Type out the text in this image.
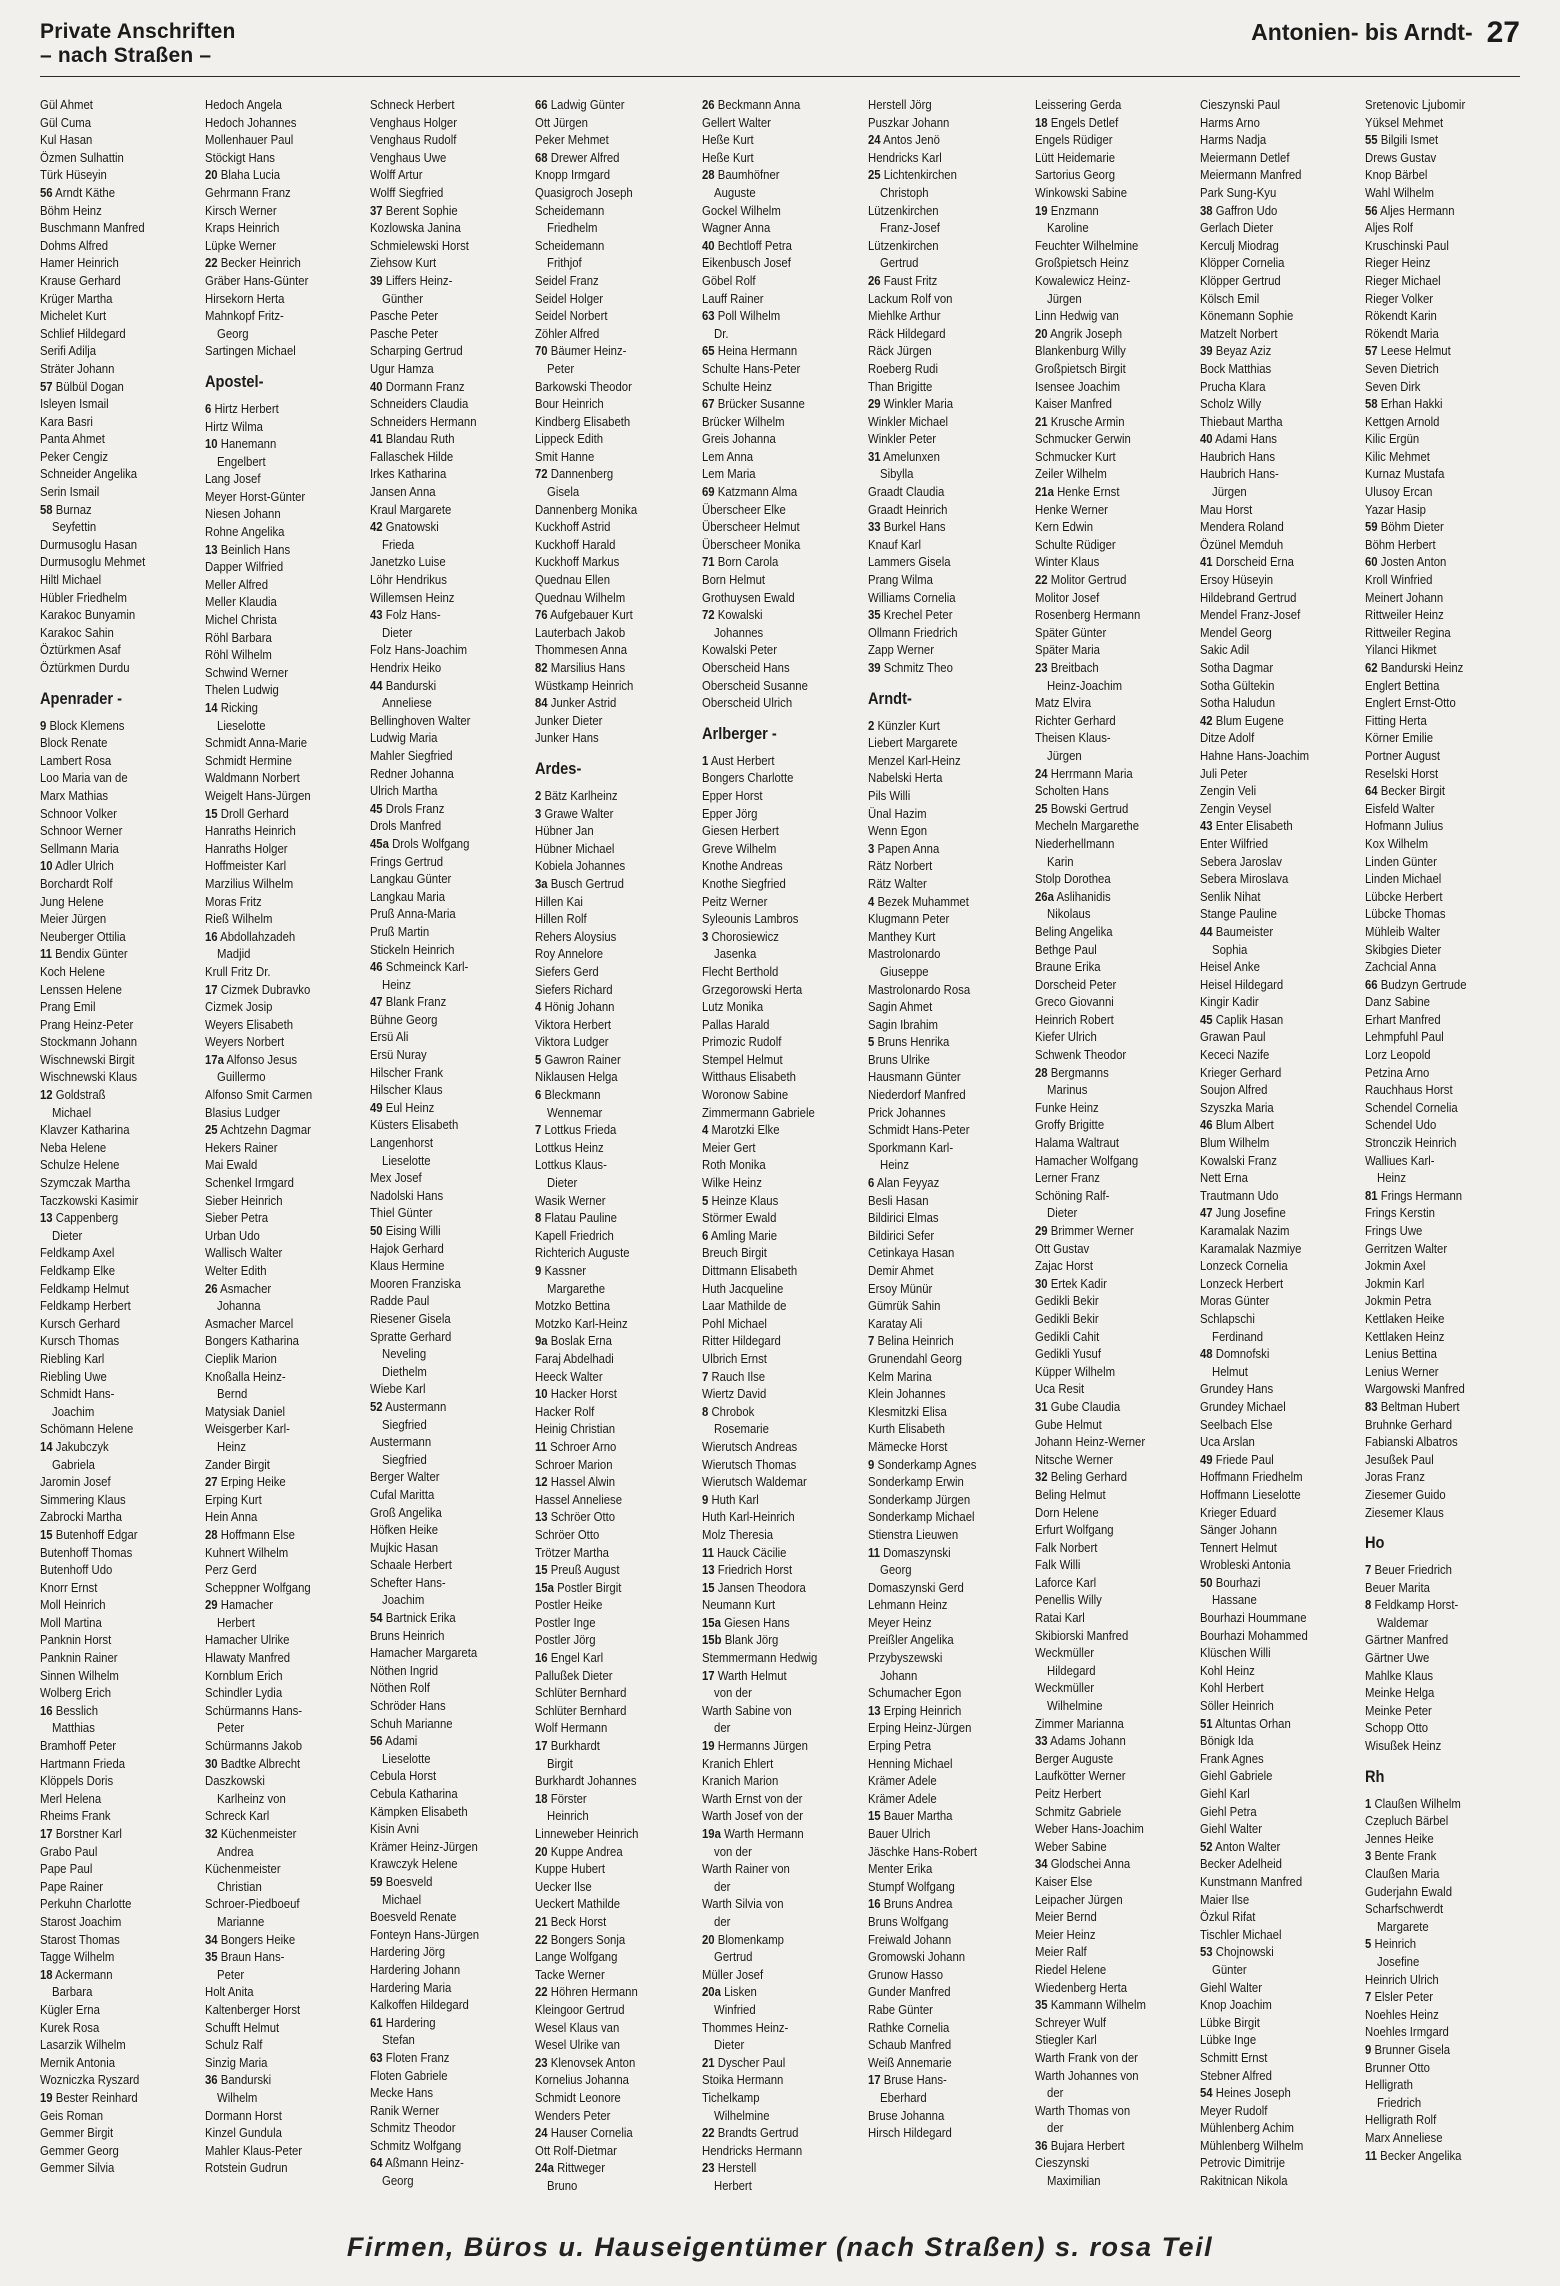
Private Anschriften
– nach Straßen –
Antonien- bis Arndt- 27
Gül Ahmet
Gül Cuma
Kul Hasan
Özmen Sulhattin
Türk Hüseyin
56 Arndt Käthe
Böhm Heinz
Buschmann Manfred
Dohms Alfred
Hamer Heinrich
Krause Gerhard
Krüger Martha
Michelet Kurt
Schlief Hildegard
Serifi Adilja
Sträter Johann
57 Bülbül Dogan
Isleyen Ismail
Kara Basri
Panta Ahmet
Peker Cengiz
Schneider Angelika
Serin Ismail
58 Burnaz
Seyfettin
Durmusoglu Hasan
Durmusoglu Mehmet
Hiltl Michael
Hübler Friedhelm
Karakoc Bunyamin
Karakoc Sahin
Öztürkmen Asaf
Öztürkmen Durdu
Apenrader -
9 Block Klemens
Block Renate
Lambert Rosa
Loo Maria van de
Marx Mathias
Schnoor Volker
Schnoor Werner
Sellmann Maria
10 Adler Ulrich
Borchardt Rolf
Jung Helene
Meier Jürgen
Neuberger Ottilia
11 Bendix Günter
Koch Helene
Lenssen Helene
Prang Emil
Prang Heinz-Peter
Stockmann Johann
Wischnewski Birgit
Wischnewski Klaus
12 Goldstraß
Michael
Klavzer Katharina
Neba Helene
Schulze Helene
Szymczak Martha
Taczkowski Kasimir
13 Cappenberg
Dieter
Feldkamp Axel
Feldkamp Elke
Feldkamp Helmut
Feldkamp Herbert
Kursch Gerhard
Kursch Thomas
Riebling Karl
Riebling Uwe
Schmidt Hans-
Joachim
Schömann Helene
14 Jakubczyk
Gabriela
Jaromin Josef
Simmering Klaus
Zabrocki Martha
15 Butenhoff Edgar
Butenhoff Thomas
Butenhoff Udo
Knorr Ernst
Moll Heinrich
Moll Martina
Panknin Horst
Panknin Rainer
Sinnen Wilhelm
Wolberg Erich
16 Besslich
Matthias
Bramhoff Peter
Hartmann Frieda
Klöppels Doris
Merl Helena
Rheims Frank
17 Borstner Karl
Grabo Paul
Pape Paul
Pape Rainer
Perkuhn Charlotte
Starost Joachim
Starost Thomas
Tagge Wilhelm
18 Ackermann
Barbara
Kügler Erna
Kurek Rosa
Lasarzik Wilhelm
Mernik Antonia
Wozniczka Ryszard
19 Bester Reinhard
Geis Roman
Gemmer Birgit
Gemmer Georg
Gemmer Silvia
Hedoch Angela
Hedoch Johannes
Mollenhauer Paul
Stöckigt Hans
20 Blaha Lucia
Gehrmann Franz
Kirsch Werner
Kraps Heinrich
Lüpke Werner
22 Becker Heinrich
Gräber Hans-Günter
Hirsekorn Herta
Mahnkopf Fritz-
Georg
Sartingen Michael
Apostel-
6 Hirtz Herbert
Hirtz Wilma
10 Hanemann
Engelbert
Lang Josef
Meyer Horst-Günter
Niesen Johann
Rohne Angelika
13 Beinlich Hans
Dapper Wilfried
Meller Alfred
Meller Klaudia
Michel Christa
Röhl Barbara
Röhl Wilhelm
Schwind Werner
Thelen Ludwig
14 Ricking
Lieselotte
Schmidt Anna-Marie
Schmidt Hermine
Waldmann Norbert
Weigelt Hans-Jürgen
15 Droll Gerhard
Hanraths Heinrich
Hanraths Holger
Hoffmeister Karl
Marzilius Wilhelm
Moras Fritz
Rieß Wilhelm
16 Abdollahzadeh
Madjid
Krull Fritz Dr.
17 Cizmek Dubravko
Cizmek Josip
Weyers Elisabeth
Weyers Norbert
17a Alfonso Jesus
Guillermo
Alfonso Smit Carmen
Blasius Ludger
25 Achtzehn Dagmar
Hekers Rainer
Mai Ewald
Schenkel Irmgard
Sieber Heinrich
Sieber Petra
Urban Udo
Wallisch Walter
Welter Edith
26 Asmacher
Johanna
Asmacher Marcel
Bongers Katharina
Cieplik Marion
Knoßalla Heinz-
Bernd
Matysiak Daniel
Weisgerber Karl-
Heinz
Zander Birgit
27 Erping Heike
Erping Kurt
Hein Anna
28 Hoffmann Else
Kuhnert Wilhelm
Perz Gerd
Scheppner Wolfgang
29 Hamacher
Herbert
Hamacher Ulrike
Hlawaty Manfred
Kornblum Erich
Schindler Lydia
Schürmanns Hans-
Peter
Schürmanns Jakob
30 Badtke Albrecht
Daszkowski
Karlheinz von
Schreck Karl
32 Küchenmeister
Andrea
Küchenmeister
Christian
Schroer-Piedboeuf
Marianne
34 Bongers Heike
35 Braun Hans-
Peter
Holt Anita
Kaltenberger Horst
Schufft Helmut
Schulz Ralf
Sinzig Maria
36 Bandurski
Wilhelm
Dormann Horst
Kinzel Gundula
Mahler Klaus-Peter
Rotstein Gudrun
Schneck Herbert
Venghaus Holger
Venghaus Rudolf
Venghaus Uwe
Wolff Artur
Wolff Siegfried
37 Berent Sophie
Kozlowska Janina
Schmielewski Horst
Ziehsow Kurt
39 Liffers Heinz-
Günther
Pasche Peter
Pasche Peter
Scharping Gertrud
Ugur Hamza
40 Dormann Franz
Schneiders Claudia
Schneiders Hermann
41 Blandau Ruth
Fallaschek Hilde
Irkes Katharina
Jansen Anna
Kraul Margarete
42 Gnatowski
Frieda
Janetzko Luise
Löhr Hendrikus
Willemsen Heinz
43 Folz Hans-
Dieter
Folz Hans-Joachim
Hendrix Heiko
44 Bandurski
Anneliese
Bellinghoven Walter
Ludwig Maria
Mahler Siegfried
Redner Johanna
Ulrich Martha
45 Drols Franz
Drols Manfred
45a Drols Wolfgang
Frings Gertrud
Langkau Günter
Langkau Maria
Pruß Anna-Maria
Pruß Martin
Stickeln Heinrich
46 Schmeinck Karl-
Heinz
47 Blank Franz
Bühne Georg
Ersü Ali
Ersü Nuray
Hilscher Frank
Hilscher Klaus
49 Eul Heinz
Küsters Elisabeth
Langenhorst
Lieselotte
Mex Josef
Nadolski Hans
Thiel Günter
50 Eising Willi
Hajok Gerhard
Klaus Hermine
Mooren Franziska
Radde Paul
Riesener Gisela
Spratte Gerhard
Neveling
Diethelm
Wiebe Karl
52 Austermann
Siegfried
Austermann
Siegfried
Berger Walter
Cufal Maritta
Groß Angelika
Höfken Heike
Mujkic Hasan
Schaale Herbert
Schefter Hans-
Joachim
54 Bartnick Erika
Bruns Heinrich
Hamacher Margareta
Nöthen Ingrid
Nöthen Rolf
Schröder Hans
Schuh Marianne
56 Adami
Lieselotte
Cebula Horst
Cebula Katharina
Kämpken Elisabeth
Kisin Avni
Krämer Heinz-Jürgen
Krawczyk Helene
59 Boesveld
Michael
Boesveld Renate
Fonteyn Hans-Jürgen
Hardering Jörg
Hardering Johann
Hardering Maria
Kalkoffen Hildegard
61 Hardering
Stefan
63 Floten Franz
Floten Gabriele
Mecke Hans
Ranik Werner
Schmitz Theodor
Schmitz Wolfgang
64 Aßmann Heinz-
Georg
66 Ladwig Günter
Ott Jürgen
Peker Mehmet
68 Drewer Alfred
Knopp Irmgard
Quasigroch Joseph
Scheidemann
Friedhelm
Scheidemann
Frithjof
Seidel Franz
Seidel Holger
Seidel Norbert
Zöhler Alfred
70 Bäumer Heinz-
Peter
Barkowski Theodor
Bour Heinrich
Kindberg Elisabeth
Lippeck Edith
Smit Hanne
72 Dannenberg
Gisela
Dannenberg Monika
Kuckhoff Astrid
Kuckhoff Harald
Kuckhoff Markus
Quednau Ellen
Quednau Wilhelm
76 Aufgebauer Kurt
Lauterbach Jakob
Thommesen Anna
82 Marsilius Hans
Wüstkamp Heinrich
84 Junker Astrid
Junker Dieter
Junker Hans
Ardes-
2 Bätz Karlheinz
3 Grawe Walter
Hübner Jan
Hübner Michael
Kobiela Johannes
3a Busch Gertrud
Hillen Kai
Hillen Rolf
Rehers Aloysius
Roy Annelore
Siefers Gerd
Siefers Richard
4 Hönig Johann
Viktora Herbert
Viktora Ludger
5 Gawron Rainer
Niklausen Helga
6 Bleckmann
Wennemar
7 Lottkus Frieda
Lottkus Heinz
Lottkus Klaus-
Dieter
Wasik Werner
8 Flatau Pauline
Kapell Friedrich
Richterich Auguste
9 Kassner
Margarethe
Motzko Bettina
Motzko Karl-Heinz
9a Boslak Erna
Faraj Abdelhadi
Heeck Walter
10 Hacker Horst
Hacker Rolf
Heinig Christian
11 Schroer Arno
Schroer Marion
12 Hassel Alwin
Hassel Anneliese
13 Schröer Otto
Schröer Otto
Trötzer Martha
15 Preuß August
15a Postler Birgit
Postler Heike
Postler Inge
Postler Jörg
16 Engel Karl
Pallußek Dieter
Schlüter Bernhard
Schlüter Bernhard
Wolf Hermann
17 Burkhardt
Birgit
Burkhardt Johannes
18 Förster
Heinrich
Linneweber Heinrich
20 Kuppe Andrea
Kuppe Hubert
Uecker Ilse
Ueckert Mathilde
21 Beck Horst
22 Bongers Sonja
Lange Wolfgang
Tacke Werner
22 Höhren Hermann
Kleingoor Gertrud
Wesel Klaus van
Wesel Ulrike van
23 Klenovsek Anton
Kornelius Johanna
Schmidt Leonore
Wenders Peter
24 Hauser Cornelia
Ott Rolf-Dietmar
24a Rittweger
Bruno
26 Beckmann Anna
Gellert Walter
Heße Kurt
Heße Kurt
28 Baumhöfner
Auguste
Gockel Wilhelm
Wagner Anna
40 Bechtloff Petra
Eikenbusch Josef
Göbel Rolf
Lauff Rainer
63 Poll Wilhelm
Dr.
65 Heina Hermann
Schulte Hans-Peter
Schulte Heinz
67 Brücker Susanne
Brücker Wilhelm
Greis Johanna
Lem Anna
Lem Maria
69 Katzmann Alma
Überscheer Elke
Überscheer Helmut
Überscheer Monika
71 Born Carola
Born Helmut
Grothuysen Ewald
72 Kowalski
Johannes
Kowalski Peter
Oberscheid Hans
Oberscheid Susanne
Oberscheid Ulrich
Arlberger -
1 Aust Herbert
Bongers Charlotte
Epper Horst
Epper Jörg
Giesen Herbert
Greve Wilhelm
Knothe Andreas
Knothe Siegfried
Peitz Werner
Syleounis Lambros
3 Chorosiewicz
Jasenka
Flecht Berthold
Grzegorowski Herta
Lutz Monika
Pallas Harald
Primozic Rudolf
Stempel Helmut
Witthaus Elisabeth
Woronow Sabine
Zimmermann Gabriele
4 Marotzki Elke
Meier Gert
Roth Monika
Wilke Heinz
5 Heinze Klaus
Störmer Ewald
6 Amling Marie
Breuch Birgit
Dittmann Elisabeth
Huth Jacqueline
Laar Mathilde de
Pohl Michael
Ritter Hildegard
Ulbrich Ernst
7 Rauch Ilse
Wiertz David
8 Chrobok
Rosemarie
Wierutsch Andreas
Wierutsch Thomas
Wierutsch Waldemar
9 Huth Karl
Huth Karl-Heinrich
Molz Theresia
11 Hauck Cäcilie
13 Friedrich Horst
15 Jansen Theodora
Neumann Kurt
15a Giesen Hans
15b Blank Jörg
Stemmermann Hedwig
17 Warth Helmut
von der
Warth Sabine von
der
19 Hermanns Jürgen
Kranich Ehlert
Kranich Marion
Warth Ernst von der
Warth Josef von der
19a Warth Hermann
von der
Warth Rainer von
der
Warth Silvia von
der
20 Blomenkamp
Gertrud
Müller Josef
20a Lisken
Winfried
Thommes Heinz-
Dieter
21 Dyscher Paul
Stoika Hermann
Tichelkamp
Wilhelmine
22 Brandts Gertrud
Hendricks Hermann
23 Herstell
Herbert
Herstell Jörg
Puszkar Johann
24 Antos Jenö
Hendricks Karl
25 Lichtenkirchen
Christoph
Lützenkirchen
Franz-Josef
Lützenkirchen
Gertrud
26 Faust Fritz
Lackum Rolf von
Miehlke Arthur
Räck Hildegard
Räck Jürgen
Roeberg Rudi
Than Brigitte
29 Winkler Maria
Winkler Michael
Winkler Peter
31 Amelunxen
Sibylla
Graadt Claudia
Graadt Heinrich
33 Burkel Hans
Knauf Karl
Lammers Gisela
Prang Wilma
Williams Cornelia
35 Krechel Peter
Ollmann Friedrich
Zapp Werner
39 Schmitz Theo
Arndt-
2 Künzler Kurt
Liebert Margarete
Menzel Karl-Heinz
Nabelski Herta
Pils Willi
Ünal Hazim
Wenn Egon
3 Papen Anna
Rätz Norbert
Rätz Walter
4 Bezek Muhammet
Klugmann Peter
Manthey Kurt
Mastrolonardo
Giuseppe
Mastrolonardo Rosa
Sagin Ahmet
Sagin Ibrahim
5 Bruns Henrika
Bruns Ulrike
Hausmann Günter
Niederdorf Manfred
Prick Johannes
Schmidt Hans-Peter
Sporkmann Karl-
Heinz
6 Alan Feyyaz
Besli Hasan
Bildirici Elmas
Bildirici Sefer
Cetinkaya Hasan
Demir Ahmet
Ersoy Münür
Gümrük Sahin
Karatay Ali
7 Belina Heinrich
Grunendahl Georg
Kelm Marina
Klein Johannes
Klesmitzki Elisa
Kurth Elisabeth
Mämecke Horst
9 Sonderkamp Agnes
Sonderkamp Erwin
Sonderkamp Jürgen
Sonderkamp Michael
Stienstra Lieuwen
11 Domaszynski
Georg
Domaszynski Gerd
Lehmann Heinz
Meyer Heinz
Preißler Angelika
Przybyszewski
Johann
Schumacher Egon
13 Erping Heinrich
Erping Heinz-Jürgen
Erping Petra
Henning Michael
Krämer Adele
Krämer Adele
15 Bauer Martha
Bauer Ulrich
Jäschke Hans-Robert
Menter Erika
Stumpf Wolfgang
16 Bruns Andrea
Bruns Wolfgang
Freiwald Johann
Gromowski Johann
Grunow Hasso
Gunder Manfred
Rabe Günter
Rathke Cornelia
Schaub Manfred
Weiß Annemarie
17 Bruse Hans-
Eberhard
Bruse Johanna
Hirsch Hildegard
Leissering Gerda
18 Engels Detlef
Engels Rüdiger
Lütt Heidemarie
Sartorius Georg
Winkowski Sabine
19 Enzmann
Karoline
Feuchter Wilhelmine
Großpietsch Heinz
Kowalewicz Heinz-
Jürgen
Linn Hedwig van
20 Angrik Joseph
Blankenburg Willy
Großpietsch Birgit
Isensee Joachim
Kaiser Manfred
21 Krusche Armin
Schmucker Gerwin
Schmucker Kurt
Zeiler Wilhelm
21a Henke Ernst
Henke Werner
Kern Edwin
Schulte Rüdiger
Winter Klaus
22 Molitor Gertrud
Molitor Josef
Rosenberg Hermann
Später Günter
Später Maria
23 Breitbach
Heinz-Joachim
Matz Elvira
Richter Gerhard
Theisen Klaus-
Jürgen
24 Herrmann Maria
Scholten Hans
25 Bowski Gertrud
Mecheln Margarethe
Niederhellmann
Karin
Stolp Dorothea
26a Aslihanidis
Nikolaus
Beling Angelika
Bethge Paul
Braune Erika
Dorscheid Peter
Greco Giovanni
Heinrich Robert
Kiefer Ulrich
Schwenk Theodor
28 Bergmanns
Marinus
Funke Heinz
Groffy Brigitte
Halama Waltraut
Hamacher Wolfgang
Lerner Franz
Schöning Ralf-
Dieter
29 Brimmer Werner
Ott Gustav
Zajac Horst
30 Ertek Kadir
Gedikli Bekir
Gedikli Bekir
Gedikli Cahit
Gedikli Yusuf
Küpper Wilhelm
Uca Resit
31 Gube Claudia
Gube Helmut
Johann Heinz-Werner
Nitsche Werner
32 Beling Gerhard
Beling Helmut
Dorn Helene
Erfurt Wolfgang
Falk Norbert
Falk Willi
Laforce Karl
Penellis Willy
Ratai Karl
Skibiorski Manfred
Weckmüller
Hildegard
Weckmüller
Wilhelmine
Zimmer Marianna
33 Adams Johann
Berger Auguste
Laufkötter Werner
Peitz Herbert
Schmitz Gabriele
Weber Hans-Joachim
Weber Sabine
34 Glodschei Anna
Kaiser Else
Leipacher Jürgen
Meier Bernd
Meier Heinz
Meier Ralf
Riedel Helene
Wiedenberg Herta
35 Kammann Wilhelm
Schreyer Wulf
Stiegler Karl
Warth Frank von der
Warth Johannes von
der
Warth Thomas von
der
36 Bujara Herbert
Cieszynski
Maximilian
Cieszynski Paul
Harms Arno
Harms Nadja
Meiermann Detlef
Meiermann Manfred
Park Sung-Kyu
38 Gaffron Udo
Gerlach Dieter
Kerculj Miodrag
Klöpper Cornelia
Klöpper Gertrud
Kölsch Emil
Könemann Sophie
Matzelt Norbert
39 Beyaz Aziz
Bock Matthias
Prucha Klara
Scholz Willy
Thiebaut Martha
40 Adami Hans
Haubrich Hans
Haubrich Hans-
Jürgen
Mau Horst
Mendera Roland
Özünel Memduh
41 Dorscheid Erna
Ersoy Hüseyin
Hildebrand Gertrud
Mendel Franz-Josef
Mendel Georg
Sakic Adil
Sotha Dagmar
Sotha Gültekin
Sotha Haludun
42 Blum Eugene
Ditze Adolf
Hahne Hans-Joachim
Juli Peter
Zengin Veli
Zengin Veysel
43 Enter Elisabeth
Enter Wilfried
Sebera Jaroslav
Sebera Miroslava
Senlik Nihat
Stange Pauline
44 Baumeister
Sophia
Heisel Anke
Heisel Hildegard
Kingir Kadir
45 Caplik Hasan
Grawan Paul
Kececi Nazife
Krieger Gerhard
Soujon Alfred
Szyszka Maria
46 Blum Albert
Blum Wilhelm
Kowalski Franz
Nett Erna
Trautmann Udo
47 Jung Josefine
Karamalak Nazim
Karamalak Nazmiye
Lonzeck Cornelia
Lonzeck Herbert
Moras Günter
Schlapschi
Ferdinand
48 Domnofski
Helmut
Grundey Hans
Grundey Michael
Seelbach Else
Uca Arslan
49 Friede Paul
Hoffmann Friedhelm
Hoffmann Lieselotte
Krieger Eduard
Sänger Johann
Tennert Helmut
Wrobleski Antonia
50 Bourhazi
Hassane
Bourhazi Hoummane
Bourhazi Mohammed
Klüschen Willi
Kohl Heinz
Kohl Herbert
Söller Heinrich
51 Altuntas Orhan
Bönigk Ida
Frank Agnes
Giehl Gabriele
Giehl Karl
Giehl Petra
Giehl Walter
52 Anton Walter
Becker Adelheid
Kunstmann Manfred
Maier Ilse
Özkul Rifat
Tischler Michael
53 Chojnowski
Günter
Giehl Walter
Knop Joachim
Lübke Birgit
Lübke Inge
Schmitt Ernst
Stebner Alfred
54 Heines Joseph
Meyer Rudolf
Mühlenberg Achim
Mühlenberg Wilhelm
Petrovic Dimitrije
Rakitnican Nikola
Sretenovic Ljubomir
Yüksel Mehmet
55 Bilgili Ismet
Drews Gustav
Knop Bärbel
Wahl Wilhelm
56 Aljes Hermann
Aljes Rolf
Kruschinski Paul
Rieger Heinz
Rieger Michael
Rieger Volker
Rökendt Karin
Rökendt Maria
57 Leese Helmut
Seven Dietrich
Seven Dirk
58 Erhan Hakki
Kettgen Arnold
Kilic Ergün
Kilic Mehmet
Kurnaz Mustafa
Ulusoy Ercan
Yazar Hasip
59 Böhm Dieter
Böhm Herbert
60 Josten Anton
Kroll Winfried
Meinert Johann
Rittweiler Heinz
Rittweiler Regina
Yilanci Hikmet
62 Bandurski Heinz
Englert Bettina
Englert Ernst-Otto
Fitting Herta
Körner Emilie
Portner August
Reselski Horst
64 Becker Birgit
Eisfeld Walter
Hofmann Julius
Kox Wilhelm
Linden Günter
Linden Michael
Lübcke Herbert
Lübcke Thomas
Mühleib Walter
Skibgies Dieter
Zachcial Anna
66 Budzyn Gertrude
Danz Sabine
Erhart Manfred
Lehmpfuhl Paul
Lorz Leopold
Petzina Arno
Rauchhaus Horst
Schendel Cornelia
Schendel Udo
Stronczik Heinrich
Walliues Karl-
Heinz
81 Frings Hermann
Frings Kerstin
Frings Uwe
Gerritzen Walter
Jokmin Axel
Jokmin Karl
Jokmin Petra
Kettlaken Heike
Kettlaken Heinz
Lenius Bettina
Lenius Werner
Wargowski Manfred
83 Beltman Hubert
Bruhnke Gerhard
Fabianski Albatros
Jesußek Paul
Joras Franz
Ziesemer Guido
Ziesemer Klaus
Ho
7 Beuer Friedrich
Beuer Marita
8 Feldkamp Horst-
Waldemar
Gärtner Manfred
Gärtner Uwe
Mahlke Klaus
Meinke Helga
Meinke Peter
Schopp Otto
Wisußek Heinz
Rh
1 Claußen Wilhelm
Czepluch Bärbel
Jennes Heike
3 Bente Frank
Claußen Maria
Guderjahn Ewald
Scharfschwerdt
Margarete
5 Heinrich
Josefine
Heinrich Ulrich
7 Elsler Peter
Noehles Heinz
Noehles Irmgard
9 Brunner Gisela
Brunner Otto
Helligrath
Friedrich
Helligrath Rolf
Marx Anneliese
11 Becker Angelika
Firmen, Büros u. Hauseigentümer (nach Straßen) s. rosa Teil
